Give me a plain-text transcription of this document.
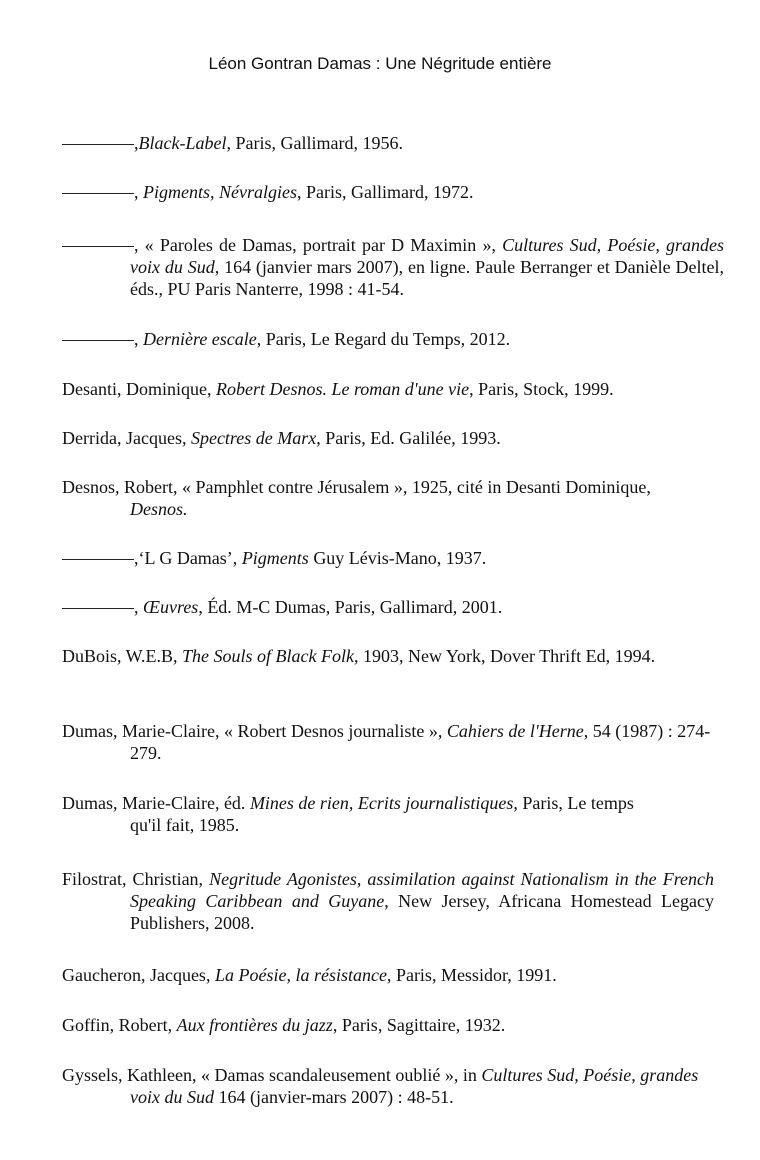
Léon Gontran Damas : Une Négritude entière
,Black-Label, Paris, Gallimard, 1956.
, Pigments, Névralgies, Paris, Gallimard, 1972.
, « Paroles de Damas, portrait par D Maximin », Cultures Sud, Poésie, grandes voix du Sud, 164 (janvier mars 2007), en ligne. Paule Berranger et Danièle Deltel, éds., PU Paris Nanterre, 1998 : 41-54.
, Dernière escale, Paris, Le Regard du Temps, 2012.
Desanti, Dominique, Robert Desnos. Le roman d'une vie, Paris, Stock, 1999.
Derrida, Jacques, Spectres de Marx, Paris, Ed. Galilée, 1993.
Desnos, Robert, « Pamphlet contre Jérusalem », 1925, cité in Desanti Dominique, Desnos.
,‘L G Damas’, Pigments Guy Lévis-Mano, 1937.
, Œuvres, Éd. M-C Dumas, Paris, Gallimard, 2001.
DuBois, W.E.B, The Souls of Black Folk, 1903, New York, Dover Thrift Ed, 1994.
Dumas, Marie-Claire, « Robert Desnos journaliste », Cahiers de l'Herne, 54 (1987) : 274-279.
Dumas, Marie-Claire, éd. Mines de rien, Ecrits journalistiques, Paris, Le temps qu'il fait, 1985.
Filostrat, Christian, Negritude Agonistes, assimilation against Nationalism in the French Speaking Caribbean and Guyane, New Jersey, Africana Homestead Legacy Publishers, 2008.
Gaucheron, Jacques, La Poésie, la résistance, Paris, Messidor, 1991.
Goffin, Robert, Aux frontières du jazz, Paris, Sagittaire, 1932.
Gyssels, Kathleen, « Damas scandaleusement oublié », in Cultures Sud, Poésie, grandes voix du Sud 164 (janvier-mars 2007) : 48-51.
